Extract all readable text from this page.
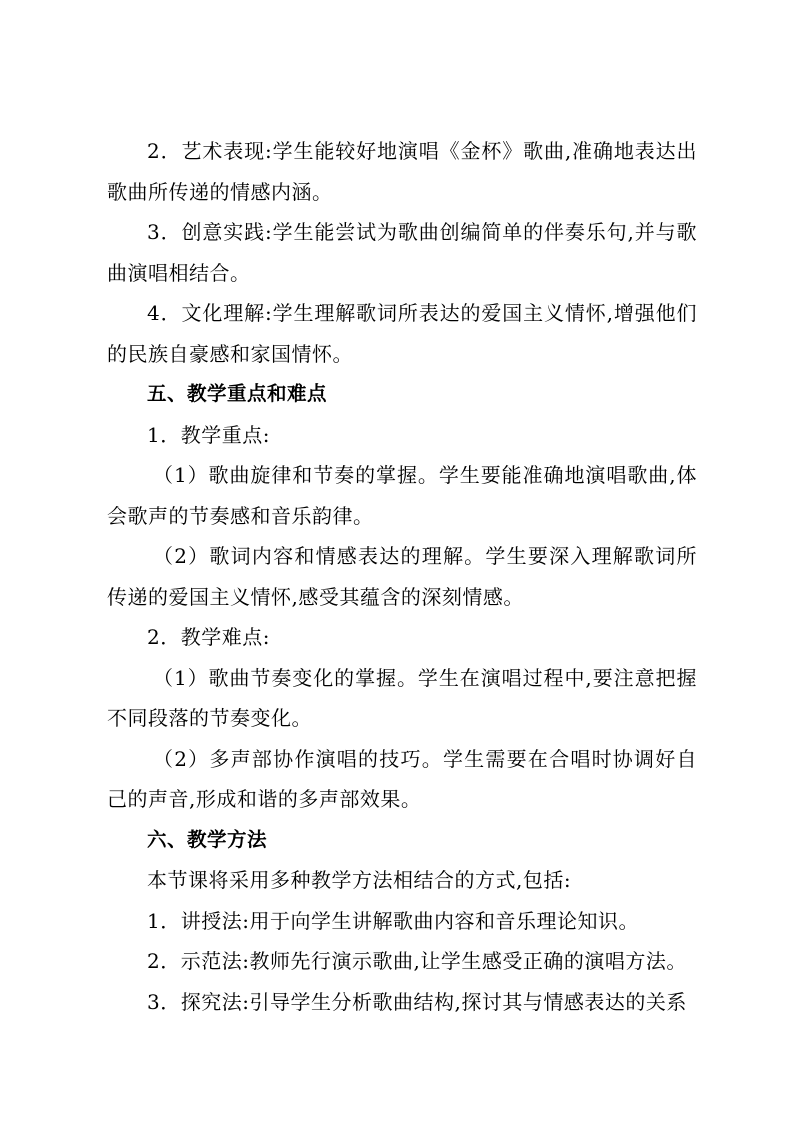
2．艺术表现:学生能较好地演唱《金杯》歌曲,准确地表达出歌曲所传递的情感内涵。

3．创意实践:学生能尝试为歌曲创编简单的伴奏乐句,并与歌曲演唱相结合。

4．文化理解:学生理解歌词所表达的爱国主义情怀,增强他们的民族自豪感和家国情怀。

五、教学重点和难点

1．教学重点:

（1）歌曲旋律和节奏的掌握。学生要能准确地演唱歌曲,体会歌声的节奏感和音乐韵律。

（2）歌词内容和情感表达的理解。学生要深入理解歌词所传递的爱国主义情怀,感受其蕴含的深刻情感。

2．教学难点:

（1）歌曲节奏变化的掌握。学生在演唱过程中,要注意把握不同段落的节奏变化。

（2）多声部协作演唱的技巧。学生需要在合唱时协调好自己的声音,形成和谐的多声部效果。

六、教学方法

本节课将采用多种教学方法相结合的方式,包括:

1．讲授法:用于向学生讲解歌曲内容和音乐理论知识。

2．示范法:教师先行演示歌曲,让学生感受正确的演唱方法。

3．探究法:引导学生分析歌曲结构,探讨其与情感表达的关系
